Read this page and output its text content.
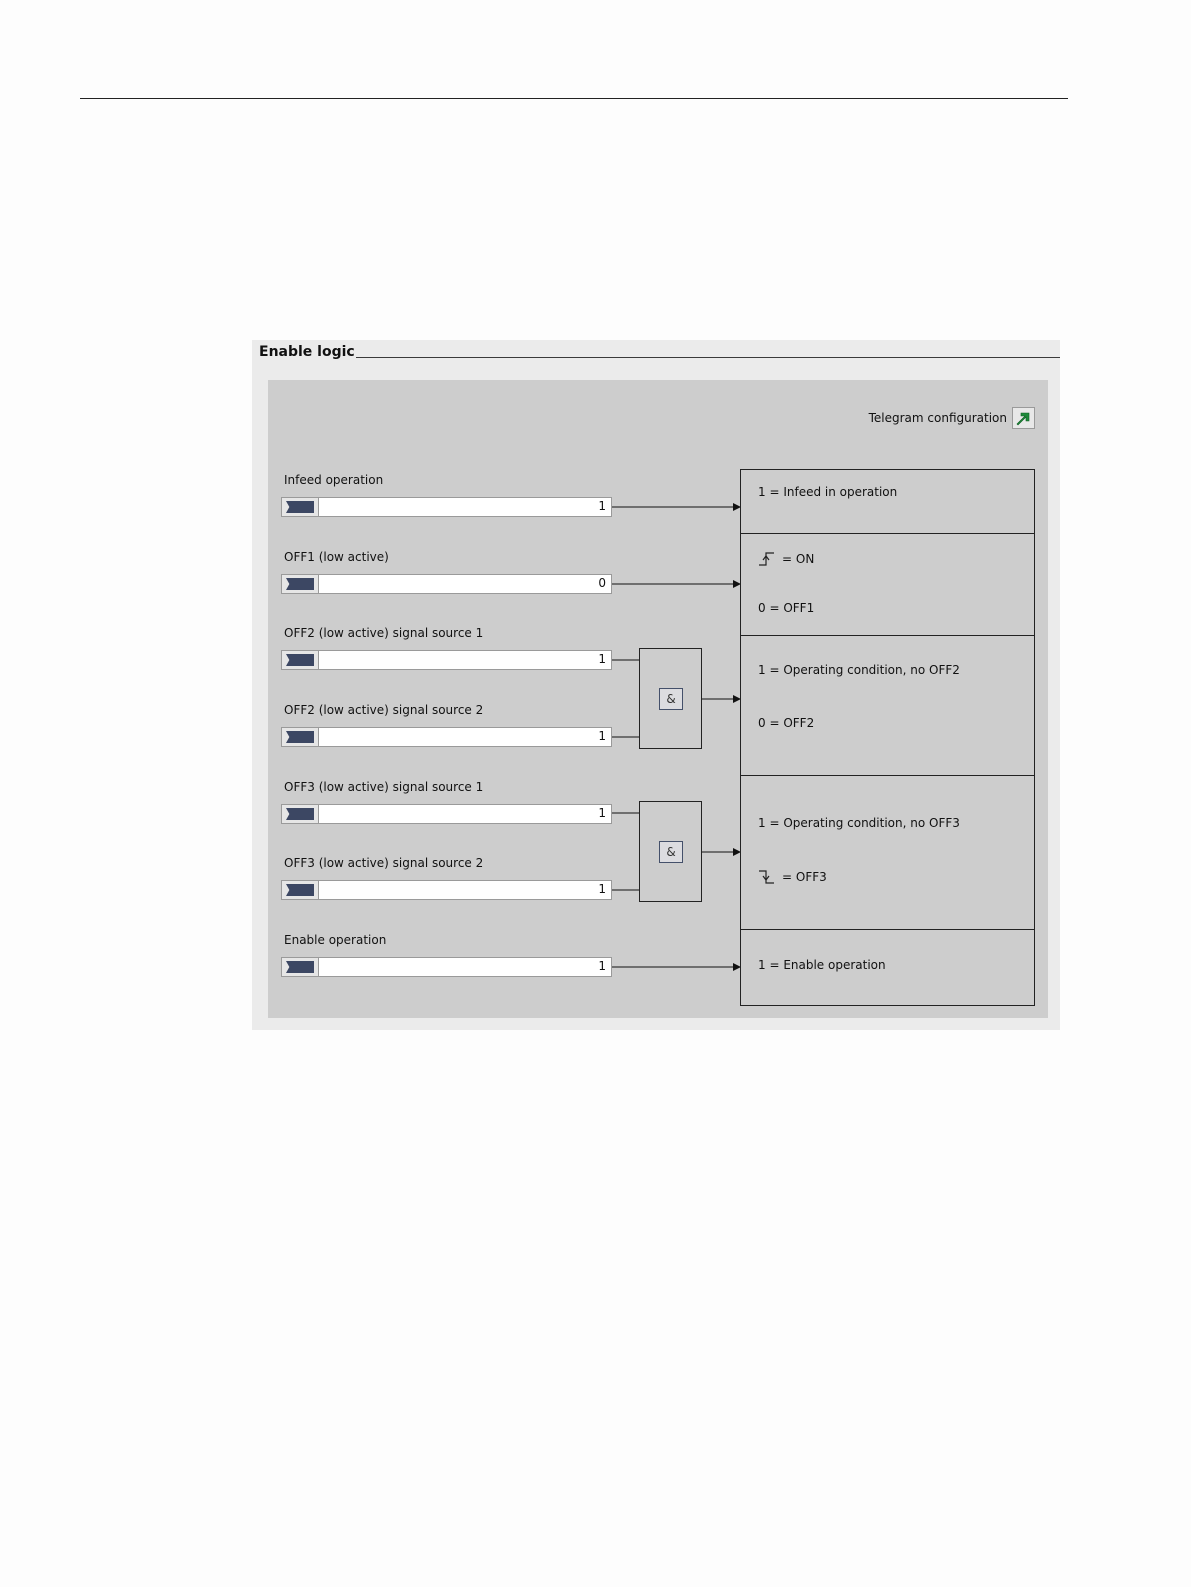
Enable logic
Telegram configuration
Infeed operation
1
OFF1 (low active)
0
OFF2 (low active) signal source 1
1
OFF2 (low active) signal source 2
1
OFF3 (low active) signal source 1
1
OFF3 (low active) signal source 2
1
Enable operation
1
&
&
1 = Infeed in operation
= ON
0 = OFF1
1 = Operating condition, no OFF2
0 = OFF2
1 = Operating condition, no OFF3
= OFF3
1 = Enable operation
